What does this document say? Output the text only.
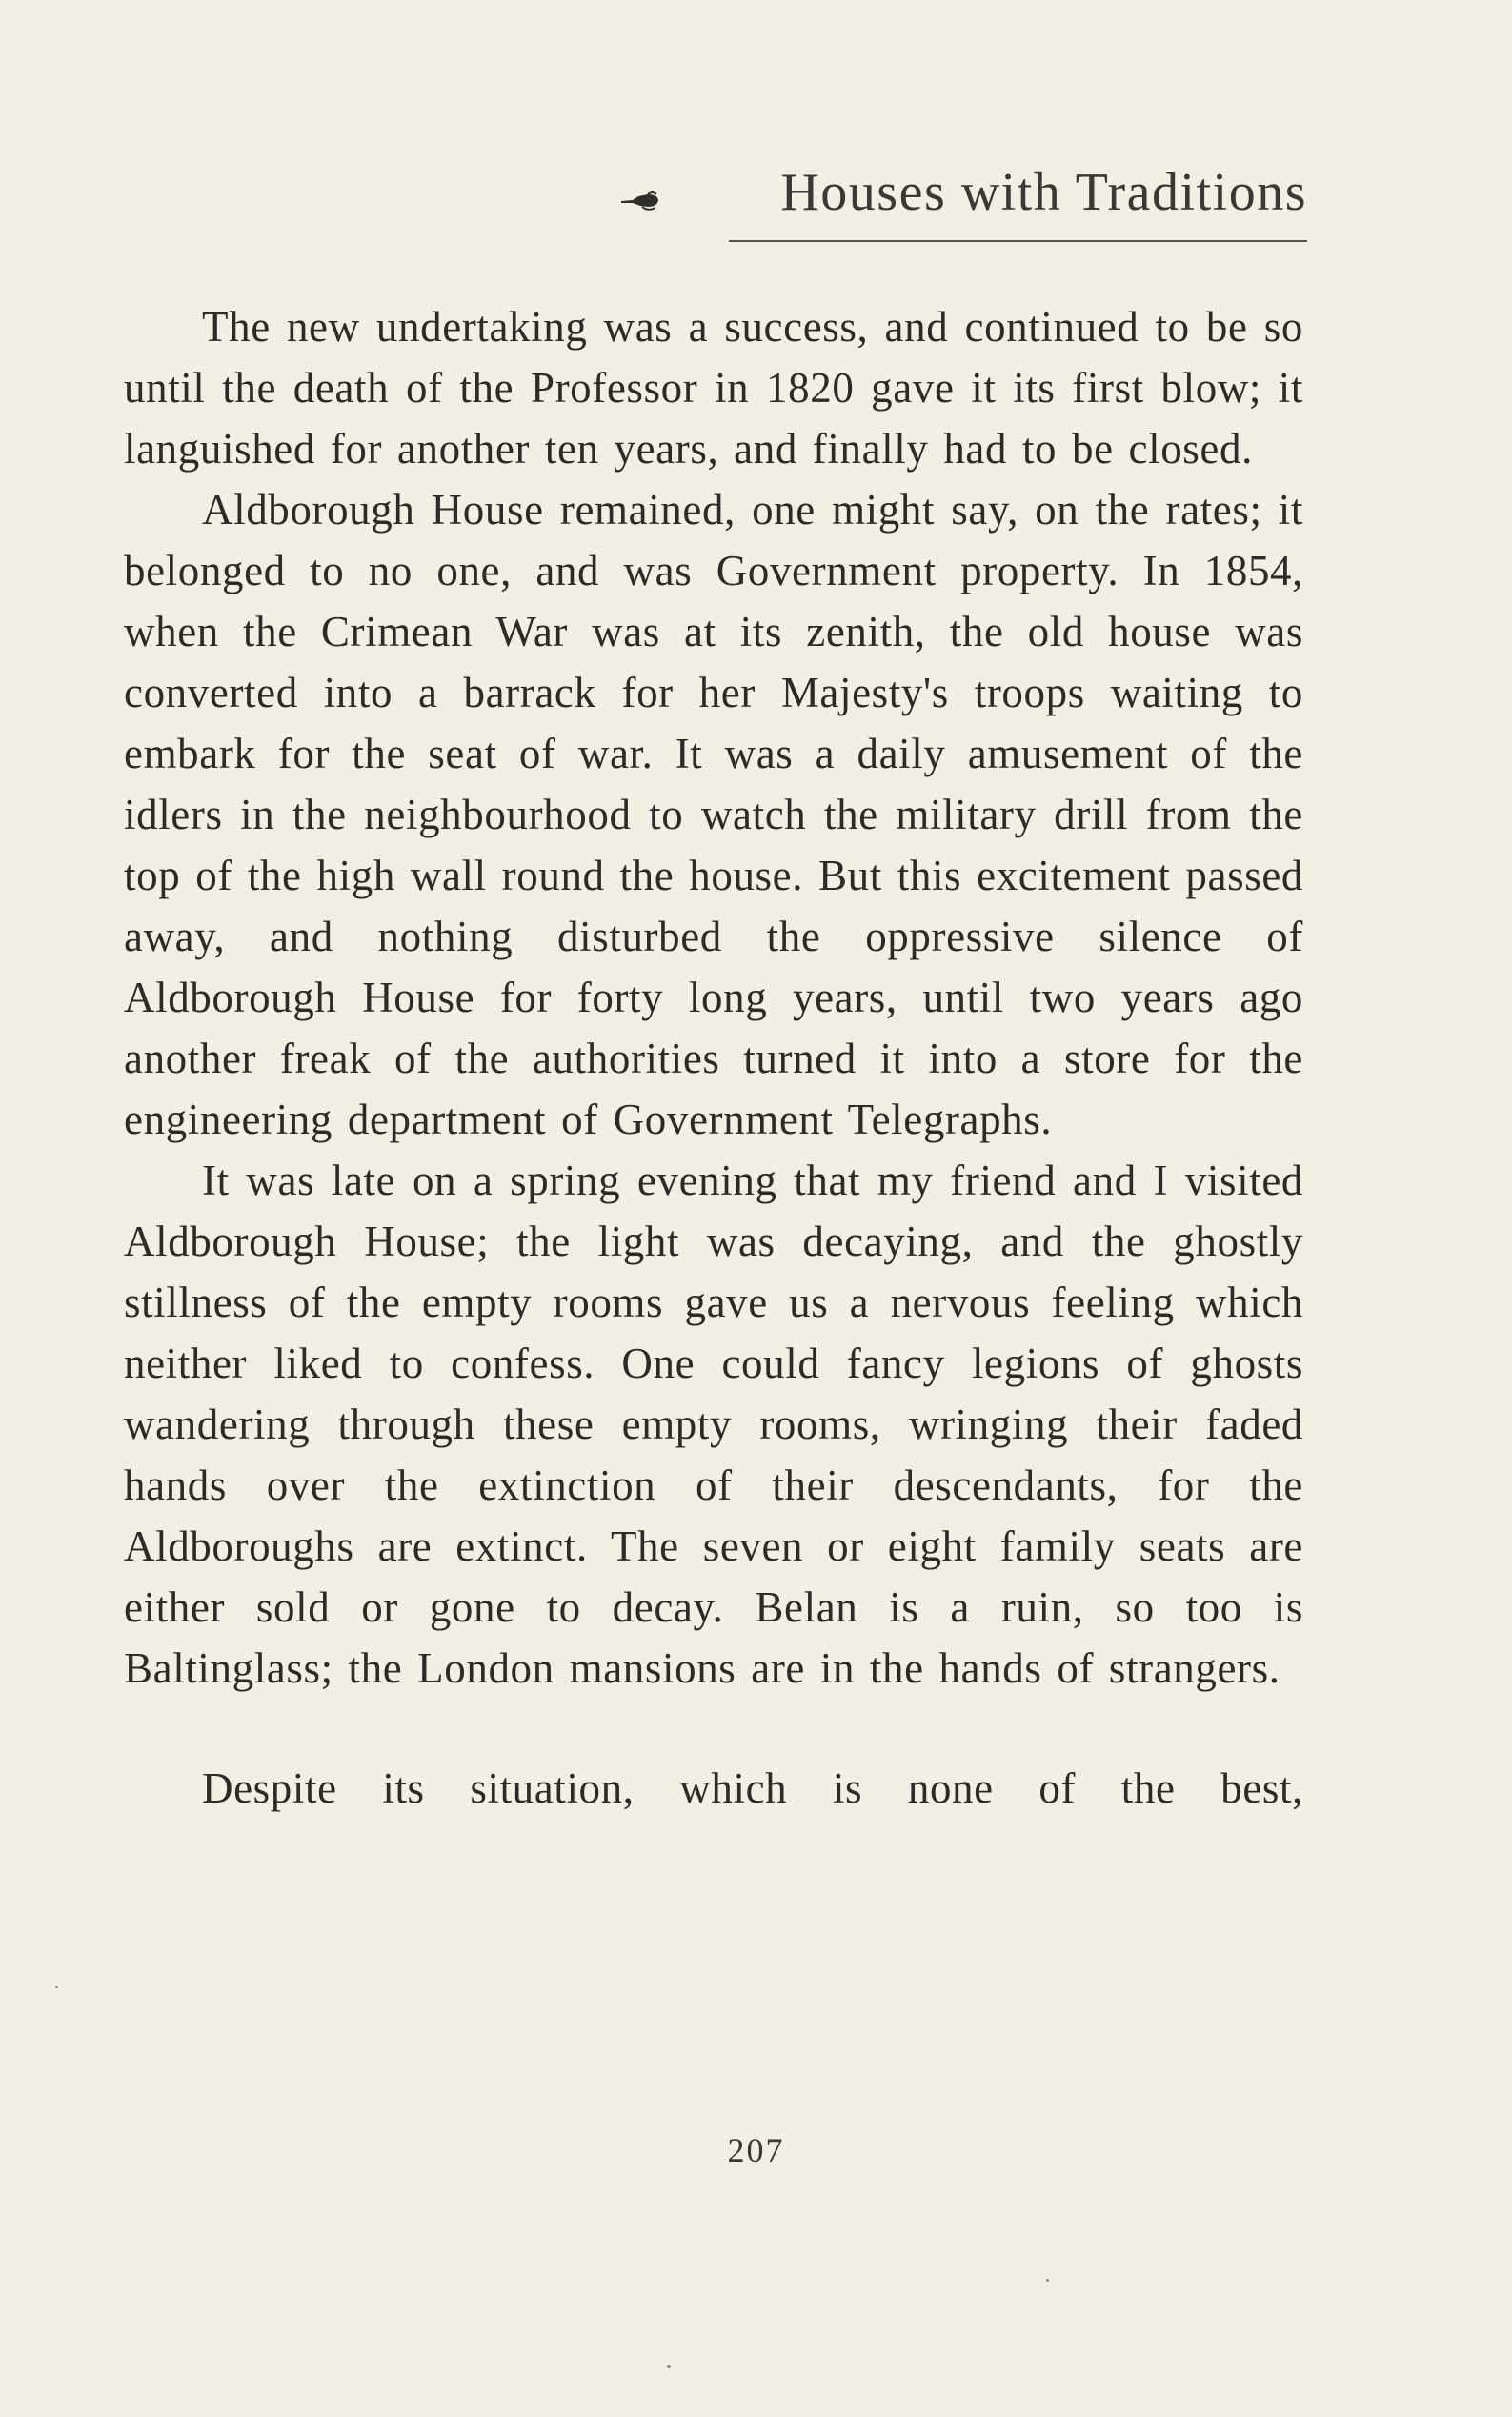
Houses with Traditions

The new undertaking was a success, and continued to be so until the death of the Professor in 1820 gave it its first blow; it languished for another ten years, and finally had to be closed.

Aldborough House remained, one might say, on the rates; it belonged to no one, and was Government property. In 1854, when the Crimean War was at its zenith, the old house was converted into a barrack for her Majesty's troops waiting to embark for the seat of war. It was a daily amusement of the idlers in the neighbourhood to watch the military drill from the top of the high wall round the house. But this excitement passed away, and nothing disturbed the oppressive silence of Aldborough House for forty long years, until two years ago another freak of the authorities turned it into a store for the engineering department of Government Telegraphs.

It was late on a spring evening that my friend and I visited Aldborough House; the light was decaying, and the ghostly stillness of the empty rooms gave us a nervous feeling which neither liked to confess. One could fancy legions of ghosts wandering through these empty rooms, wringing their faded hands over the extinction of their descendants, for the Aldboroughs are extinct. The seven or eight family seats are either sold or gone to decay. Belan is a ruin, so too is Baltinglass; the London mansions are in the hands of strangers.

Despite its situation, which is none of the best,

207
